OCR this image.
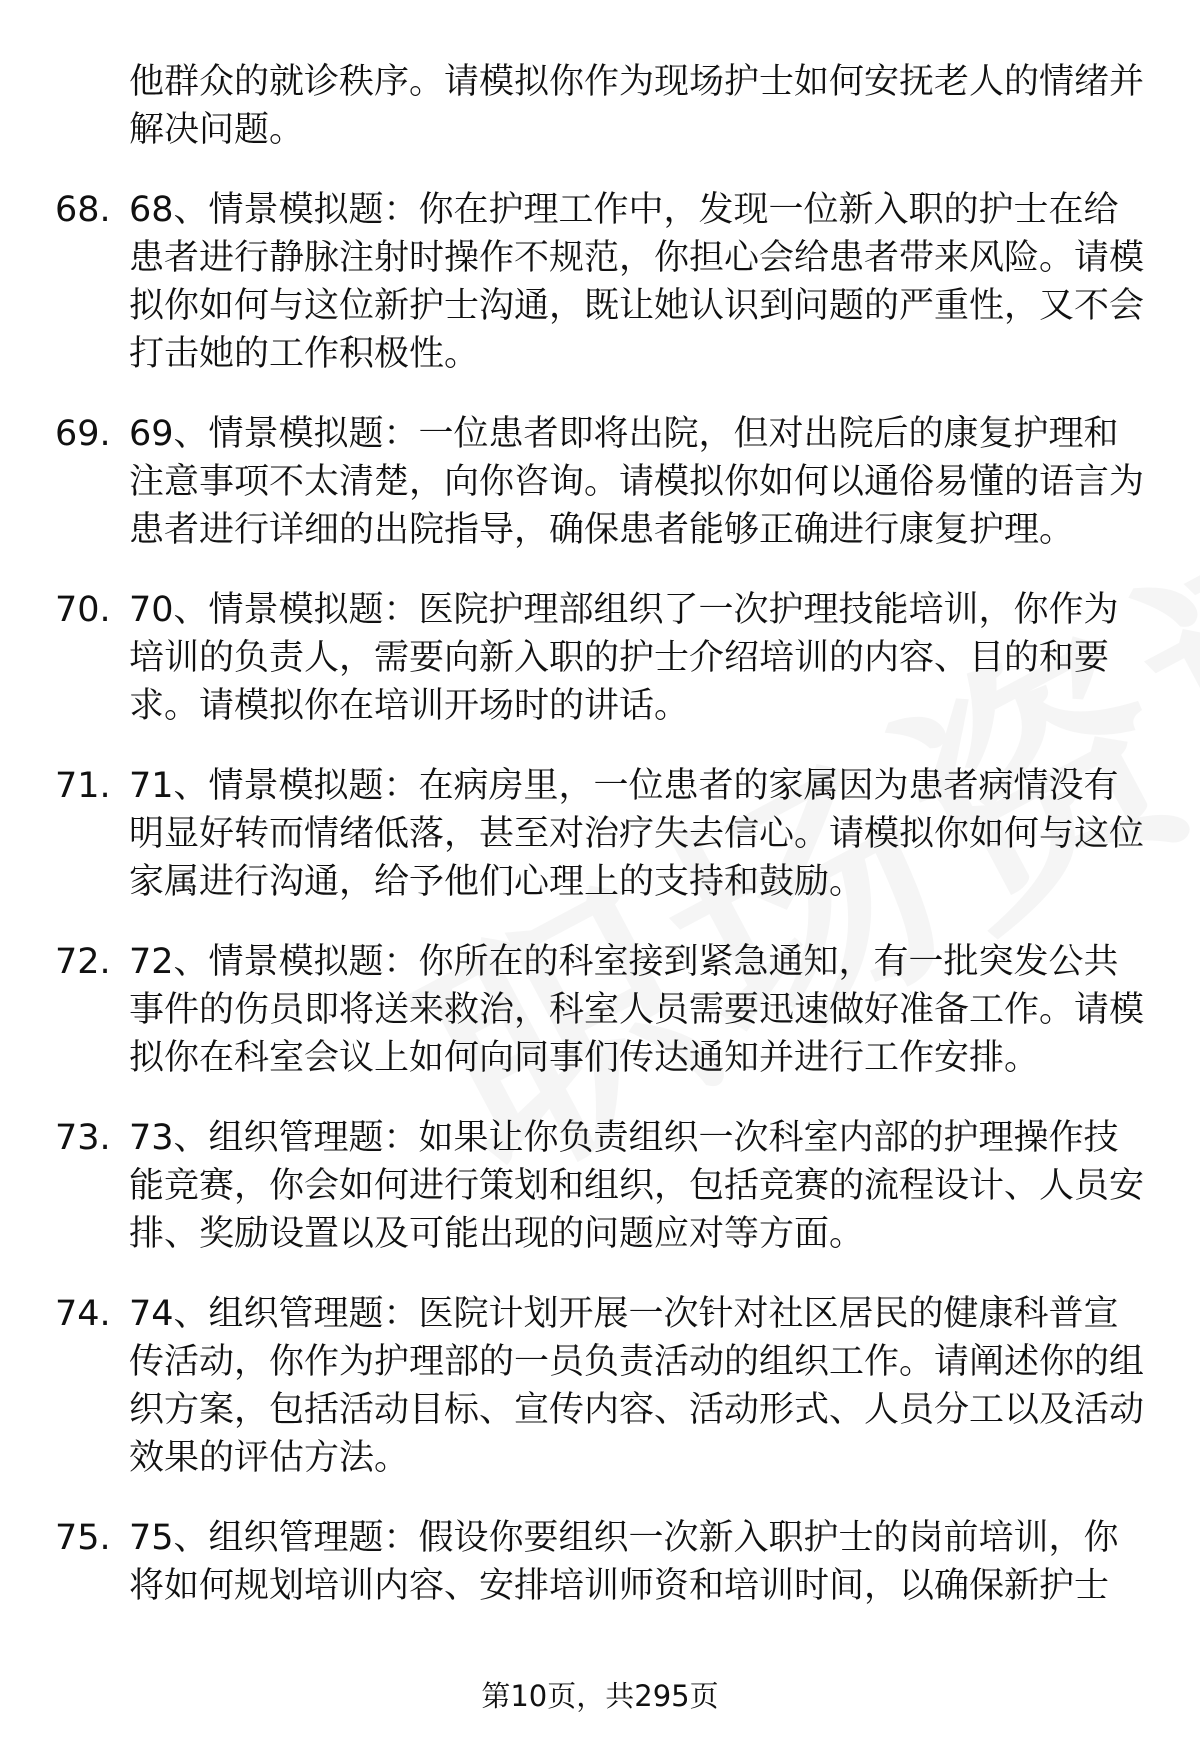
他群众的就诊秩序。请模拟你作为现场护士如何安抚老人的情绪并解决问题。
68. 68、情景模拟题：你在护理工作中，发现一位新入职的护士在给患者进行静脉注射时操作不规范，你担心会给患者带来风险。请模拟你如何与这位新护士沟通，既让她认识到问题的严重性，又不会打击她的工作积极性。
69. 69、情景模拟题：一位患者即将出院，但对出院后的康复护理和注意事项不太清楚，向你咨询。请模拟你如何以通俗易懂的语言为患者进行详细的出院指导，确保患者能够正确进行康复护理。
70. 70、情景模拟题：医院护理部组织了一次护理技能培训，你作为培训的负责人，需要向新入职的护士介绍培训的内容、目的和要求。请模拟你在培训开场时的讲话。
71. 71、情景模拟题：在病房里，一位患者的家属因为患者病情没有明显好转而情绪低落，甚至对治疗失去信心。请模拟你如何与这位家属进行沟通，给予他们心理上的支持和鼓励。
72. 72、情景模拟题：你所在的科室接到紧急通知，有一批突发公共事件的伤员即将送来救治，科室人员需要迅速做好准备工作。请模拟你在科室会议上如何向同事们传达通知并进行工作安排。
73. 73、组织管理题：如果让你负责组织一次科室内部的护理操作技能竞赛，你会如何进行策划和组织，包括竞赛的流程设计、人员安排、奖励设置以及可能出现的问题应对等方面。
74. 74、组织管理题：医院计划开展一次针对社区居民的健康科普宣传活动，你作为护理部的一员负责活动的组织工作。请阐述你的组织方案，包括活动目标、宣传内容、活动形式、人员分工以及活动效果的评估方法。
75. 75、组织管理题：假设你要组织一次新入职护士的岗前培训，你将如何规划培训内容、安排培训师资和培训时间，以确保新护士
第10页，共295页
